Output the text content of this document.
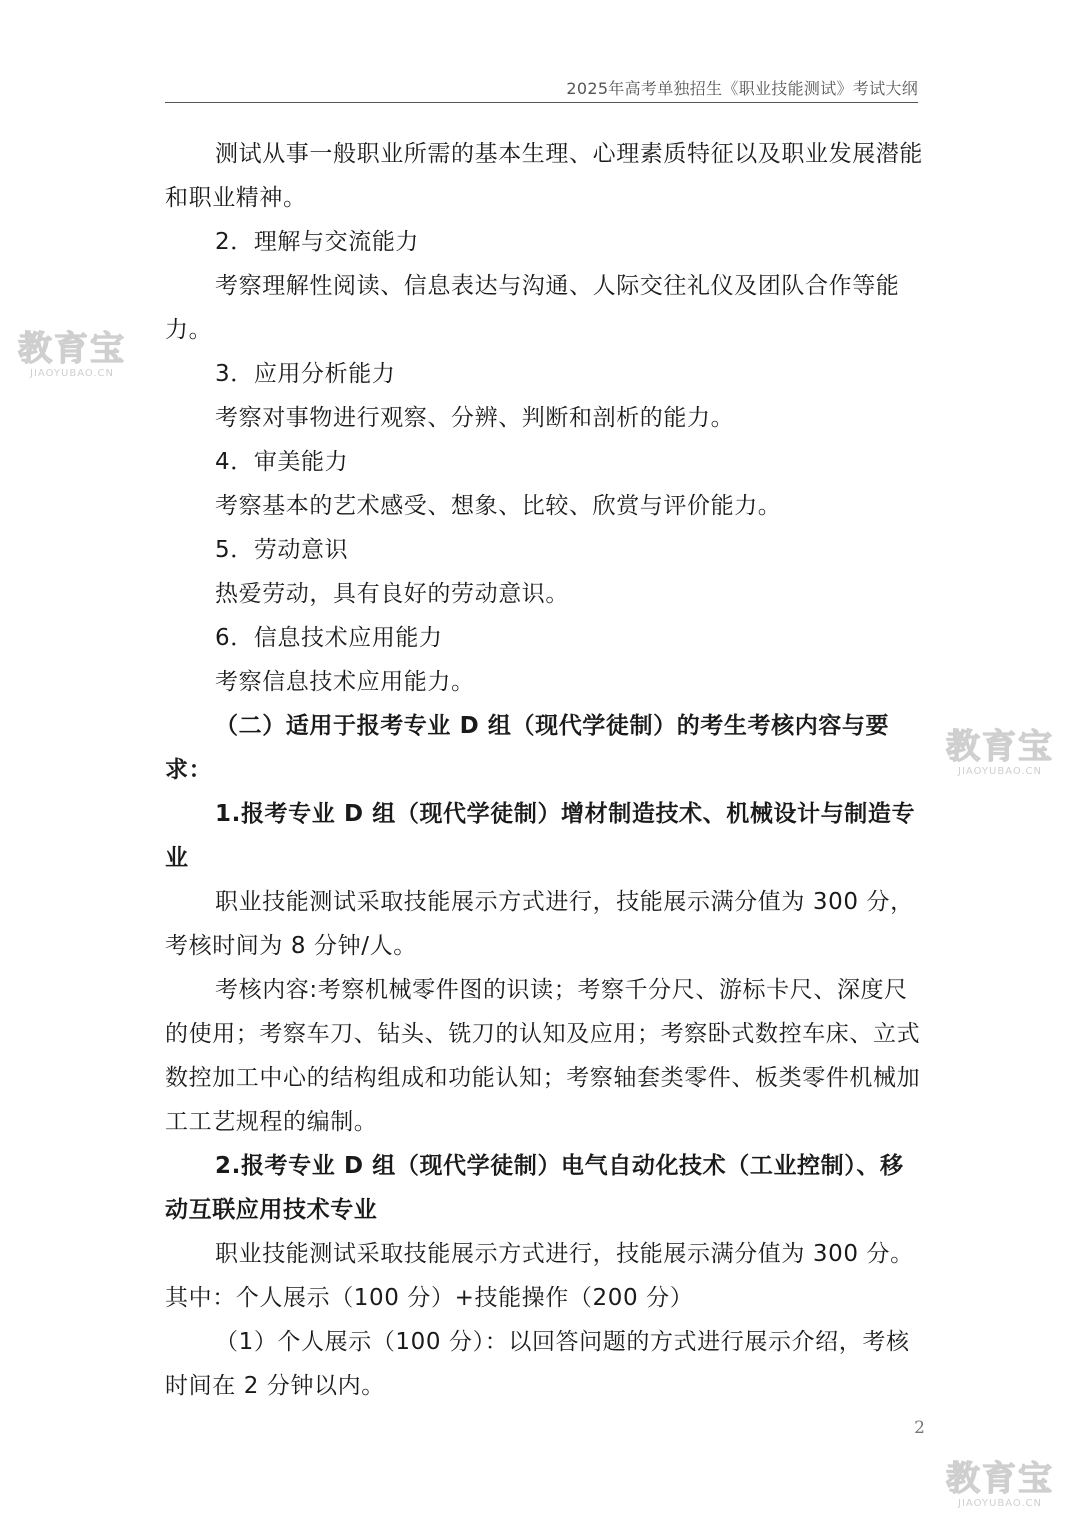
2025年高考单独招生《职业技能测试》考试大纲

测试从事一般职业所需的基本生理、心理素质特征以及职业发展潜能和职业精神。

2．理解与交流能力

考察理解性阅读、信息表达与沟通、人际交往礼仪及团队合作等能力。

3．应用分析能力

考察对事物进行观察、分辨、判断和剖析的能力。

4．审美能力

考察基本的艺术感受、想象、比较、欣赏与评价能力。

5．劳动意识

热爱劳动，具有良好的劳动意识。

6．信息技术应用能力

考察信息技术应用能力。

（二）适用于报考专业 D 组（现代学徒制）的考生考核内容与要求：

1.报考专业 D 组（现代学徒制）增材制造技术、机械设计与制造专业

职业技能测试采取技能展示方式进行，技能展示满分值为 300 分，考核时间为 8 分钟/人。

考核内容:考察机械零件图的识读；考察千分尺、游标卡尺、深度尺的使用；考察车刀、钻头、铣刀的认知及应用；考察卧式数控车床、立式数控加工中心的结构组成和功能认知；考察轴套类零件、板类零件机械加工工艺规程的编制。

2.报考专业 D 组（现代学徒制）电气自动化技术（工业控制）、移动互联应用技术专业

职业技能测试采取技能展示方式进行，技能展示满分值为 300 分。其中：个人展示（100 分）+技能操作（200 分）

（1）个人展示（100 分）：以回答问题的方式进行展示介绍，考核时间在 2 分钟以内。

2
教育宝
JIAOYUBAO.CN
教育宝
JIAOYUBAO.CN
教育宝
JIAOYUBAO.CN
